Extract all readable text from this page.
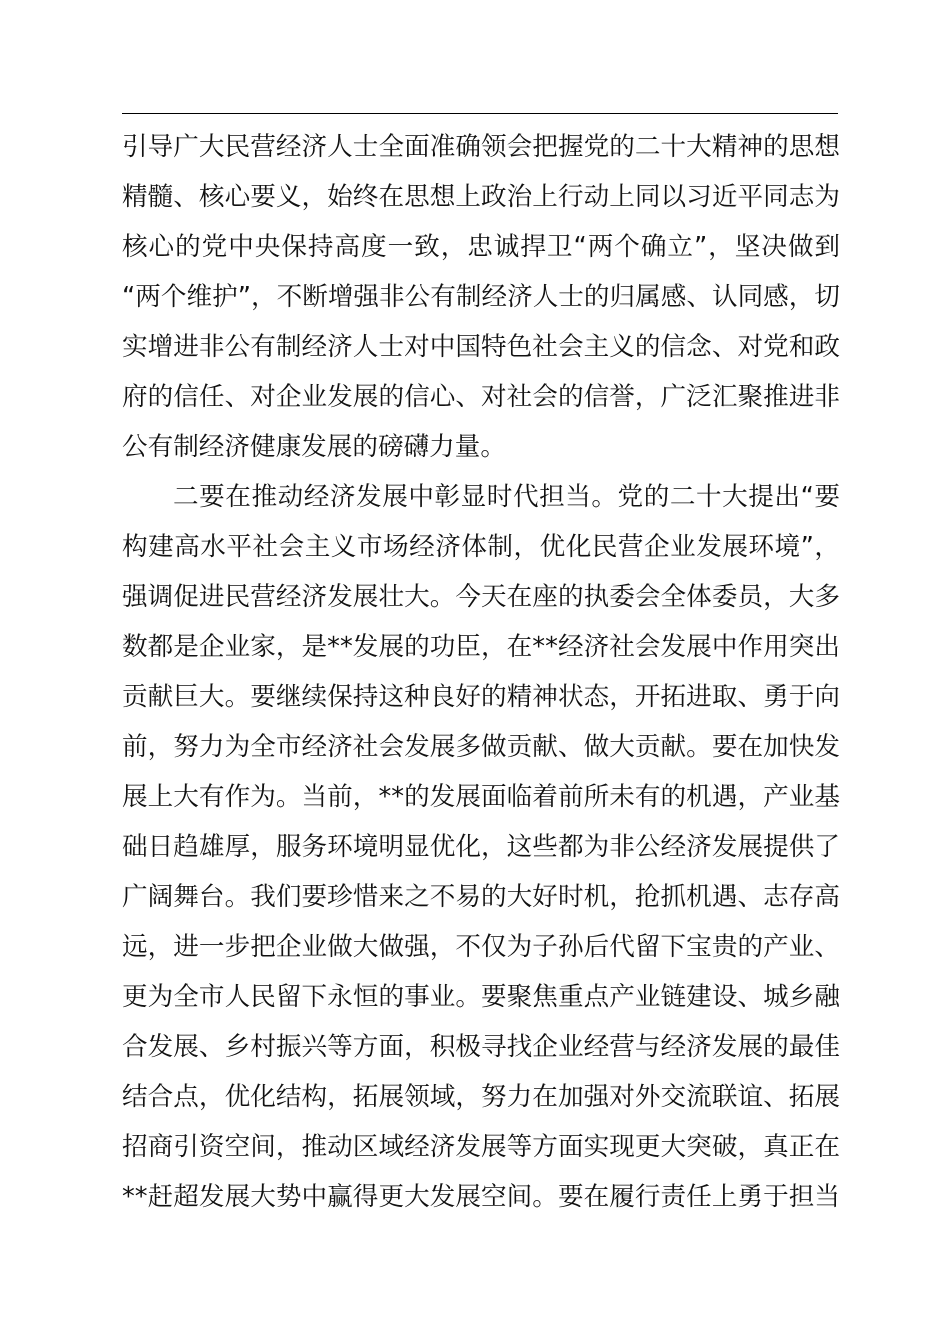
引导广大民营经济人士全面准确领会把握党的二十大精神的思想
精髓、核心要义，始终在思想上政治上行动上同以习近平同志为
核心的党中央保持高度一致，忠诚捍卫“两个确立”，坚决做到
“两个维护”，不断增强非公有制经济人士的归属感、认同感，切
实增进非公有制经济人士对中国特色社会主义的信念、对党和政
府的信任、对企业发展的信心、对社会的信誉，广泛汇聚推进非
公有制经济健康发展的磅礴力量。
二要在推动经济发展中彰显时代担当。党的二十大提出“要
构建高水平社会主义市场经济体制，优化民营企业发展环境”，
强调促进民营经济发展壮大。今天在座的执委会全体委员，大多
数都是企业家，是**发展的功臣，在**经济社会发展中作用突出
贡献巨大。要继续保持这种良好的精神状态，开拓进取、勇于向
前，努力为全市经济社会发展多做贡献、做大贡献。要在加快发
展上大有作为。当前，**的发展面临着前所未有的机遇，产业基
础日趋雄厚，服务环境明显优化，这些都为非公经济发展提供了
广阔舞台。我们要珍惜来之不易的大好时机，抢抓机遇、志存高
远，进一步把企业做大做强，不仅为子孙后代留下宝贵的产业、
更为全市人民留下永恒的事业。要聚焦重点产业链建设、城乡融
合发展、乡村振兴等方面，积极寻找企业经营与经济发展的最佳
结合点，优化结构，拓展领域，努力在加强对外交流联谊、拓展
招商引资空间，推动区域经济发展等方面实现更大突破，真正在
**赶超发展大势中赢得更大发展空间。要在履行责任上勇于担当
